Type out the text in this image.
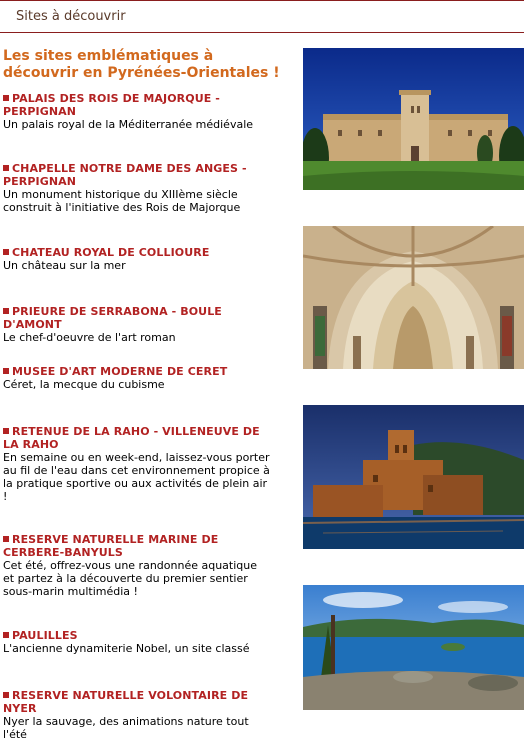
Sites à découvrir
Les sites emblématiques à découvrir en Pyrénées-Orientales !
PALAIS DES ROIS DE MAJORQUE - PERPIGNAN
Un palais royal de la Méditerranée médiévale
CHAPELLE NOTRE DAME DES ANGES - PERPIGNAN
Un monument historique du XIIIème siècle construit à l'initiative des Rois de Majorque
CHATEAU ROYAL DE COLLIOURE
Un château sur la mer
PRIEURE DE SERRABONA - BOULE D'AMONT
Le chef-d'oeuvre de l'art roman
MUSEE D'ART MODERNE DE CERET
Céret, la mecque du cubisme
RETENUE DE LA RAHO - VILLENEUVE DE LA RAHO
En semaine ou en week-end, laissez-vous porter au fil de l'eau dans cet environnement propice à la pratique sportive ou aux activités de plein air !
RESERVE NATURELLE MARINE DE CERBERE-BANYULS
Cet été, offrez-vous une randonnée aquatique et partez à la découverte du premier sentier sous-marin multimédia !
PAULILLES
L'ancienne dynamiterie Nobel, un site classé
RESERVE NATURELLE VOLONTAIRE DE NYER
Nyer la sauvage, des animations nature tout l'été
